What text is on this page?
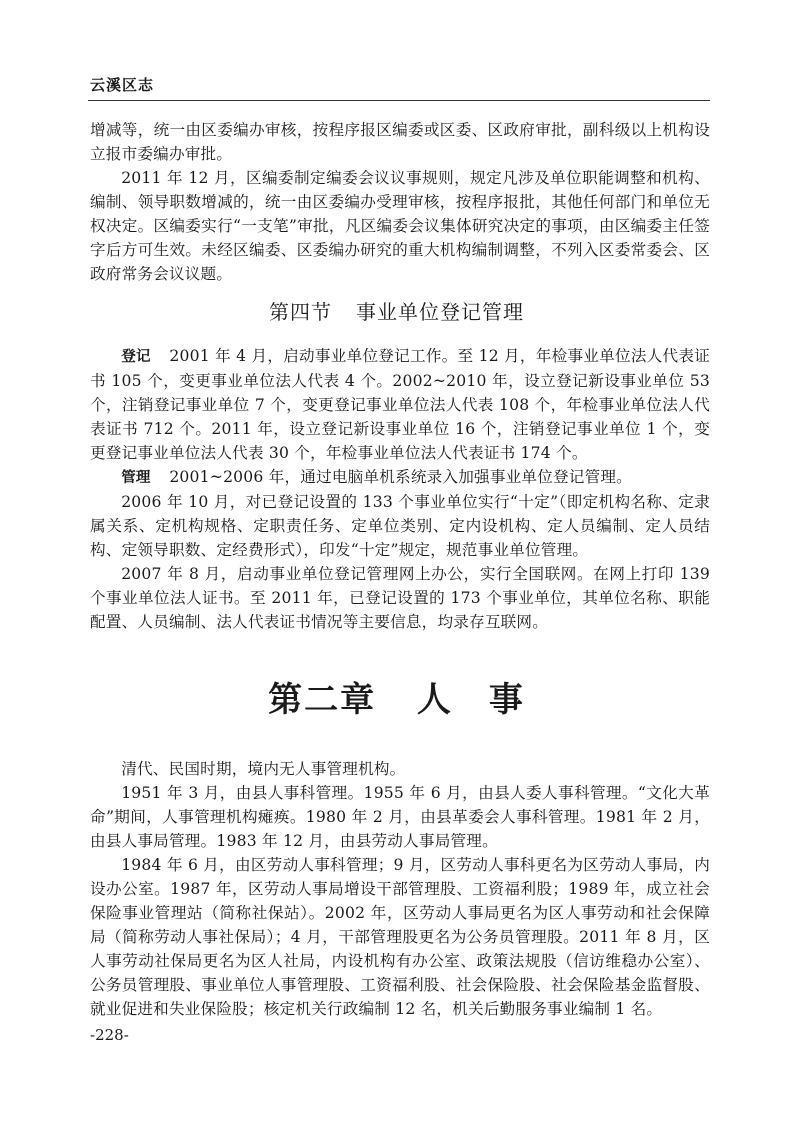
云溪区志

增减等，统一由区委编办审核，按程序报区编委或区委、区政府审批，副科级以上机构设立报市委编办审批。

2011 年 12 月，区编委制定编委会议议事规则，规定凡涉及单位职能调整和机构、编制、领导职数增减的，统一由区委编办受理审核，按程序报批，其他任何部门和单位无权决定。区编委实行“一支笔”审批，凡区编委会议集体研究决定的事项，由区编委主任签字后方可生效。未经区编委、区委编办研究的重大机构编制调整，不列入区委常委会、区政府常务会议议题。

第四节 事业单位登记管理

登记 2001 年 4 月，启动事业单位登记工作。至 12 月，年检事业单位法人代表证书 105 个，变更事业单位法人代表 4 个。2002~2010 年，设立登记新设事业单位 53 个，注销登记事业单位 7 个，变更登记事业单位法人代表 108 个，年检事业单位法人代表证书 712 个。2011 年，设立登记新设事业单位 16 个，注销登记事业单位 1 个，变更登记事业单位法人代表 30 个，年检事业单位法人代表证书 174 个。

管理 2001~2006 年，通过电脑单机系统录入加强事业单位登记管理。

2006 年 10 月，对已登记设置的 133 个事业单位实行“十定”（即定机构名称、定隶属关系、定机构规格、定职责任务、定单位类别、定内设机构、定人员编制、定人员结构、定领导职数、定经费形式），印发“十定”规定，规范事业单位管理。

2007 年 8 月，启动事业单位登记管理网上办公，实行全国联网。在网上打印 139 个事业单位法人证书。至 2011 年，已登记设置的 173 个事业单位，其单位名称、职能配置、人员编制、法人代表证书情况等主要信息，均录存互联网。

第二章 人　事

清代、民国时期，境内无人事管理机构。

1951 年 3 月，由县人事科管理。1955 年 6 月，由县人委人事科管理。“文化大革命”期间，人事管理机构瘫痪。1980 年 2 月，由县革委会人事科管理。1981 年 2 月，由县人事局管理。1983 年 12 月，由县劳动人事局管理。

1984 年 6 月，由区劳动人事科管理；9 月，区劳动人事科更名为区劳动人事局，内设办公室。1987 年，区劳动人事局增设干部管理股、工资福利股；1989 年，成立社会保险事业管理站（简称社保站）。2002 年，区劳动人事局更名为区人事劳动和社会保障局（简称劳动人事社保局）；4 月，干部管理股更名为公务员管理股。2011 年 8 月，区人事劳动社保局更名为区人社局，内设机构有办公室、政策法规股（信访维稳办公室）、公务员管理股、事业单位人事管理股、工资福利股、社会保险股、社会保险基金监督股、就业促进和失业保险股；核定机关行政编制 12 名，机关后勤服务事业编制 1 名。

-228-
